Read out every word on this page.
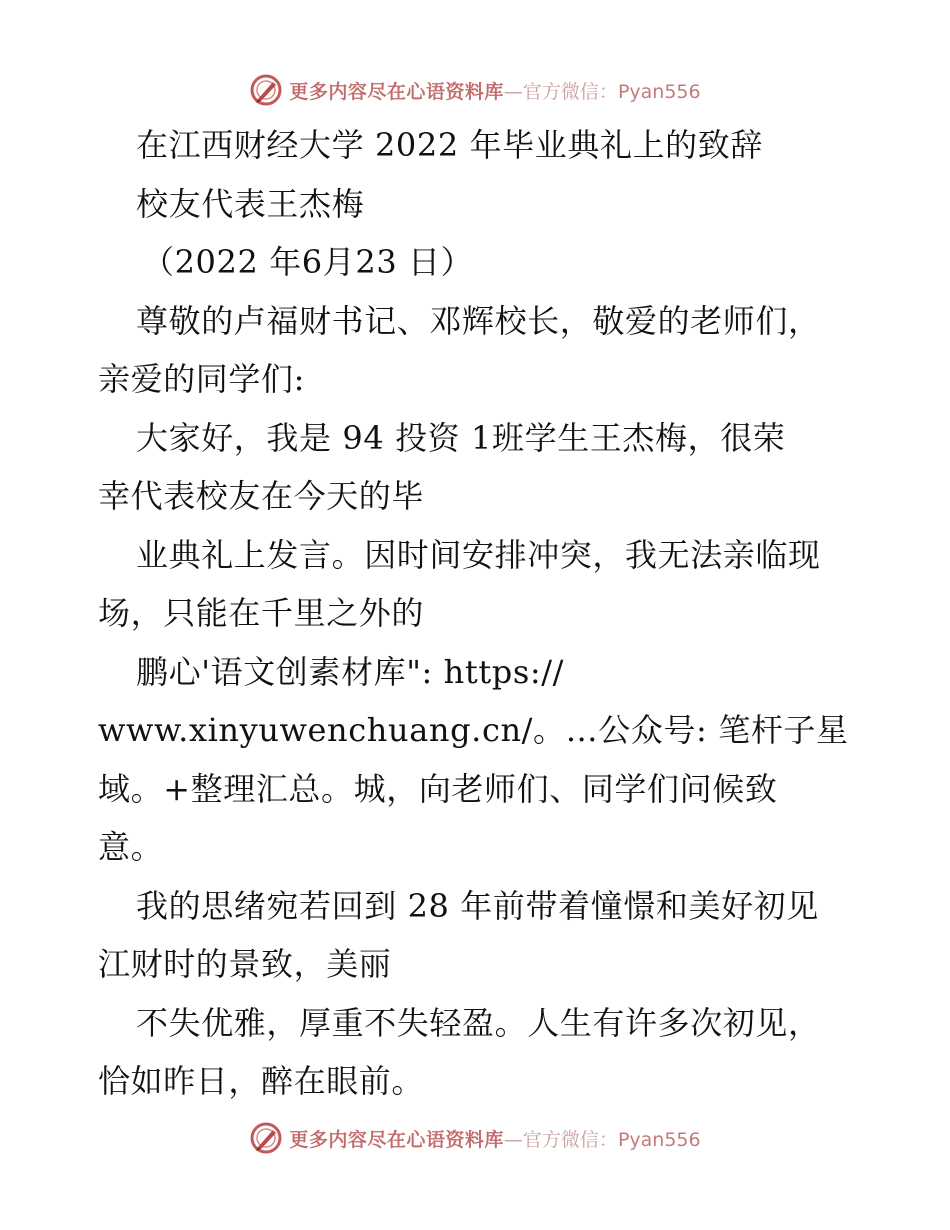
更多内容尽在心语资料库—官方微信：Pyan556
在江西财经大学 2022 年毕业典礼上的致辞
校友代表王杰梅
（2022 年6月23 日）
尊敬的卢福财书记、邓辉校长，敬爱的老师们，
亲爱的同学们:
大家好，我是 94 投资 1班学生王杰梅，很荣
幸代表校友在今天的毕
业典礼上发言。因时间安排冲突，我无法亲临现
场，只能在千里之外的
鹏心'语文创素材库": https://
www.xinyuwenchuang.cn/。…公众号: 笔杆子星
域。+整理汇总。城，向老师们、同学们问候致
意。
我的思绪宛若回到 28 年前带着憧憬和美好初见
江财时的景致，美丽
不失优雅，厚重不失轻盈。人生有许多次初见，
恰如昨日，醉在眼前。
更多内容尽在心语资料库—官方微信：Pyan556
